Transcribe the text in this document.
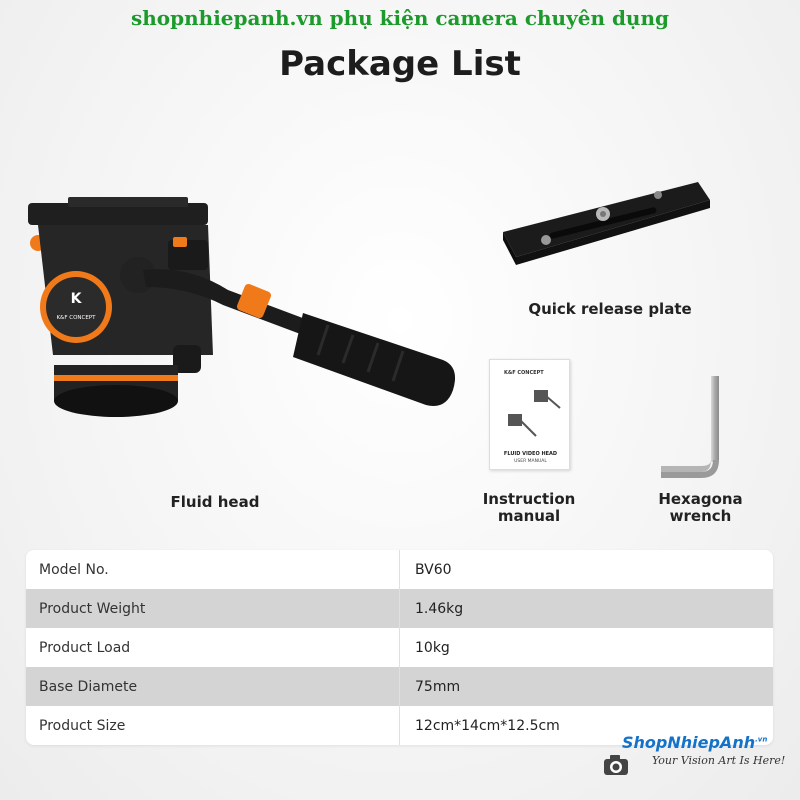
shopnhiepanh.vn phụ kiện camera chuyên dụng
Package List
K
K&F CONCEPT
Fluid head
Quick release plate
K&F CONCEPT
FLUID VIDEO HEAD
USER MANUAL
Instruction
manual
Hexagona
wrench
Model No.	BV60
Product Weight	1.46kg
Product Load	10kg
Base Diamete	75mm
Product Size	12cm*14cm*12.5cm
ShopNhiepAnh$^{.vn}$
Your Vision Art Is Here!
